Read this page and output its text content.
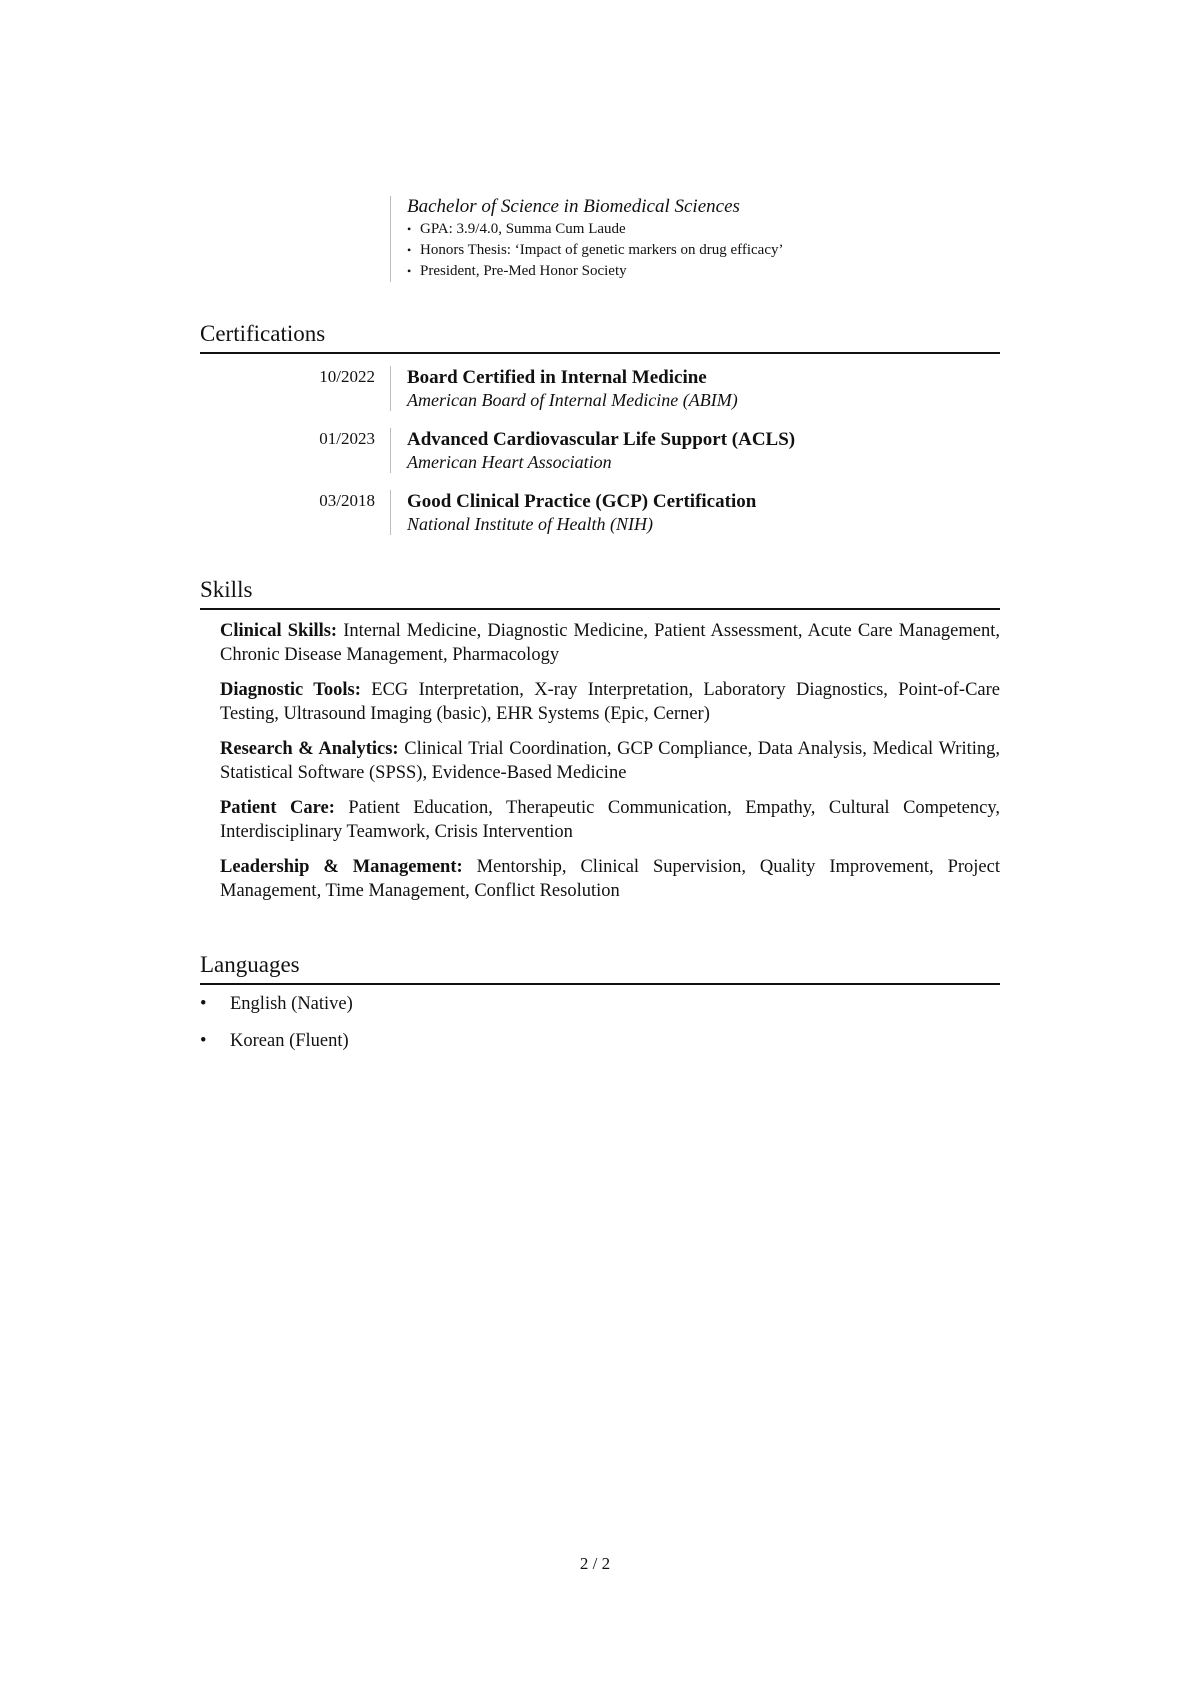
Bachelor of Science in Biomedical Sciences
• GPA: 3.9/4.0, Summa Cum Laude
• Honors Thesis: ‘Impact of genetic markers on drug efficacy’
• President, Pre-Med Honor Society
Certifications
10/2022 Board Certified in Internal Medicine
American Board of Internal Medicine (ABIM)
01/2023 Advanced Cardiovascular Life Support (ACLS)
American Heart Association
03/2018 Good Clinical Practice (GCP) Certification
National Institute of Health (NIH)
Skills
Clinical Skills: Internal Medicine, Diagnostic Medicine, Patient Assessment, Acute Care Management, Chronic Disease Management, Pharmacology
Diagnostic Tools: ECG Interpretation, X-ray Interpretation, Laboratory Diagnostics, Point-of-Care Testing, Ultrasound Imaging (basic), EHR Systems (Epic, Cerner)
Research & Analytics: Clinical Trial Coordination, GCP Compliance, Data Analysis, Medical Writing, Statistical Software (SPSS), Evidence-Based Medicine
Patient Care: Patient Education, Therapeutic Communication, Empathy, Cultural Competency, Interdisciplinary Teamwork, Crisis Intervention
Leadership & Management: Mentorship, Clinical Supervision, Quality Improvement, Project Management, Time Management, Conflict Resolution
Languages
• English (Native)
• Korean (Fluent)
2 / 2
